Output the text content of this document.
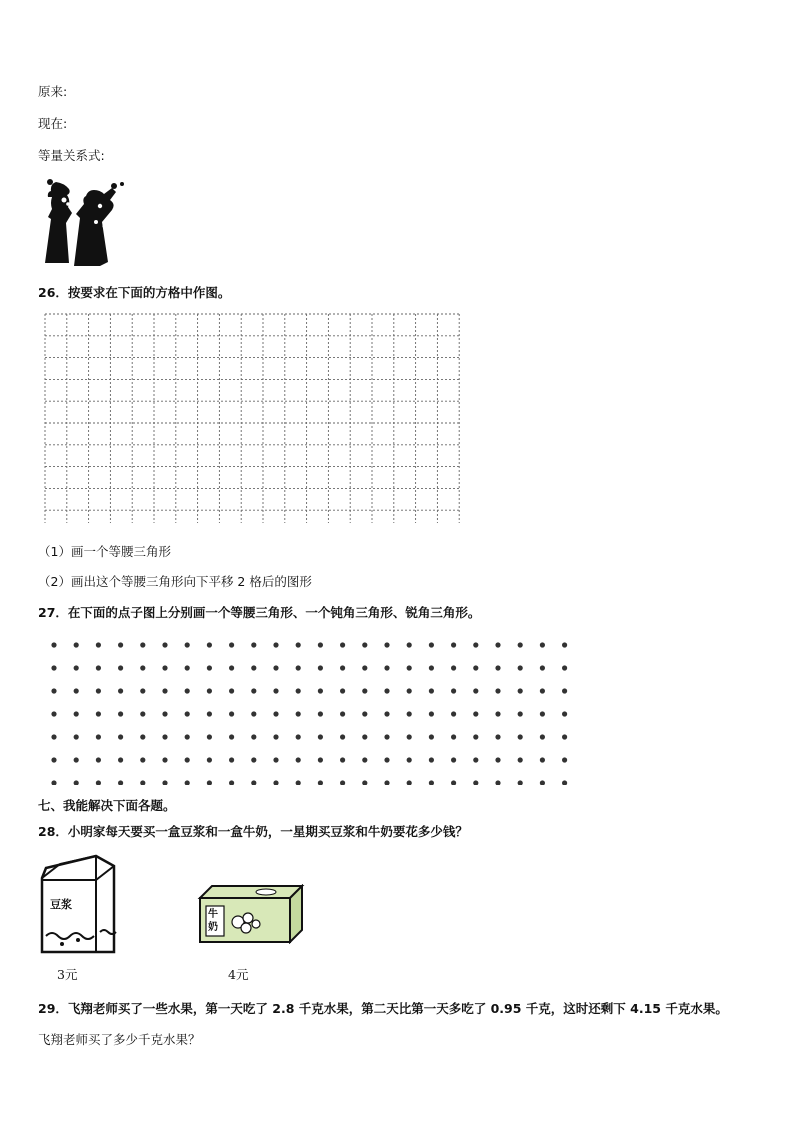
原来:
现在:
等量关系式:
26．按要求在下面的方格中作图。
（1）画一个等腰三角形
（2）画出这个等腰三角形向下平移 2 格后的图形
27．在下面的点子图上分别画一个等腰三角形、一个钝角三角形、锐角三角形。
七、我能解决下面各题。
28．小明家每天要买一盒豆浆和一盒牛奶，一星期买豆浆和牛奶要花多少钱？
豆浆
3元
牛奶
4元
29．飞翔老师买了一些水果，第一天吃了 2.8 千克水果，第二天比第一天多吃了 0.95 千克，这时还剩下 4.15 千克水果。
飞翔老师买了多少千克水果？
